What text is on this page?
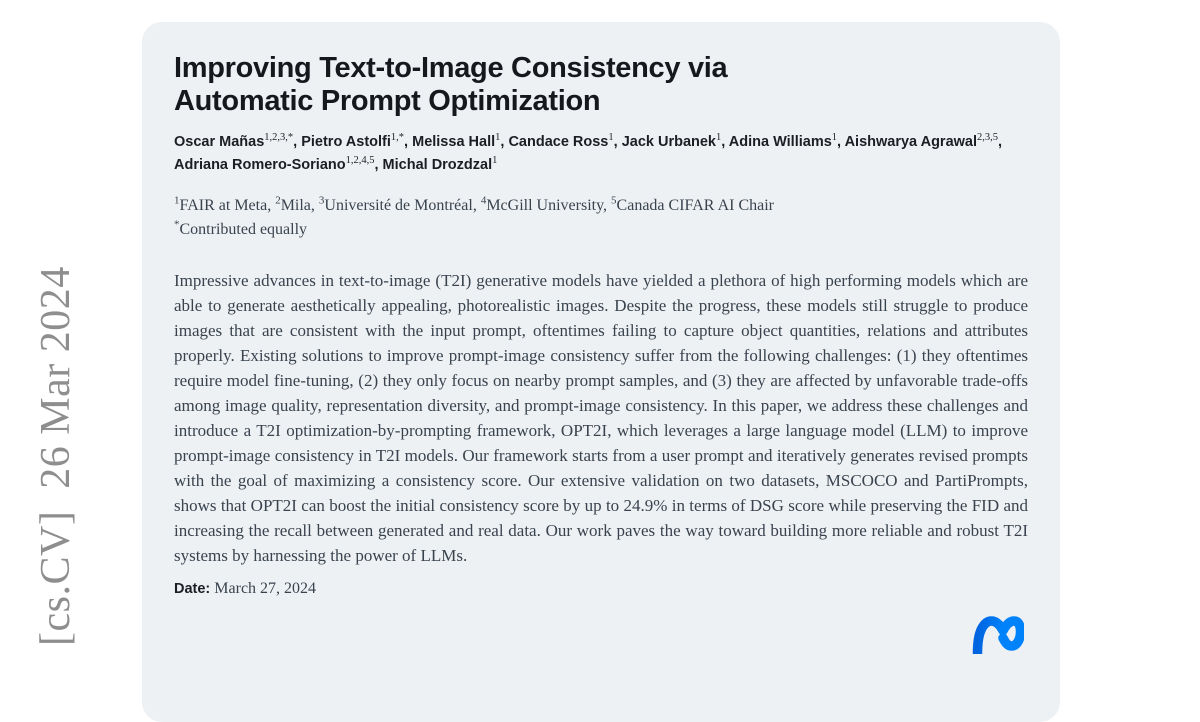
[cs.CV]  26 Mar 2024
Improving Text-to-Image Consistency via
Automatic Prompt Optimization

Oscar Mañas$^{1,2,3,*}$, Pietro Astolfi$^{1,*}$, Melissa Hall$^1$, Candace Ross$^1$, Jack Urbanek$^1$, Adina Williams$^1$, Aishwarya Agrawal$^{2,3,5}$, Adriana Romero-Soriano$^{1,2,4,5}$, Michal Drozdzal$^1$

$^1$FAIR at Meta, $^2$Mila, $^3$Université de Montréal, $^4$McGill University, $^5$Canada CIFAR AI Chair
*Contributed equally

Impressive advances in text-to-image (T2I) generative models have yielded a plethora of high performing models which are able to generate aesthetically appealing, photorealistic images. Despite the progress, these models still struggle to produce images that are consistent with the input prompt, oftentimes failing to capture object quantities, relations and attributes properly. Existing solutions to improve prompt-image consistency suffer from the following challenges: (1) they oftentimes require model fine-tuning, (2) they only focus on nearby prompt samples, and (3) they are affected by unfavorable trade-offs among image quality, representation diversity, and prompt-image consistency. In this paper, we address these challenges and introduce a T2I optimization-by-prompting framework, OPT2I, which leverages a large language model (LLM) to improve prompt-image consistency in T2I models. Our framework starts from a user prompt and iteratively generates revised prompts with the goal of maximizing a consistency score. Our extensive validation on two datasets, MSCOCO and PartiPrompts, shows that OPT2I can boost the initial consistency score by up to 24.9% in terms of DSG score while preserving the FID and increasing the recall between generated and real data. Our work paves the way toward building more reliable and robust T2I systems by harnessing the power of LLMs.

Date: March 27, 2024
